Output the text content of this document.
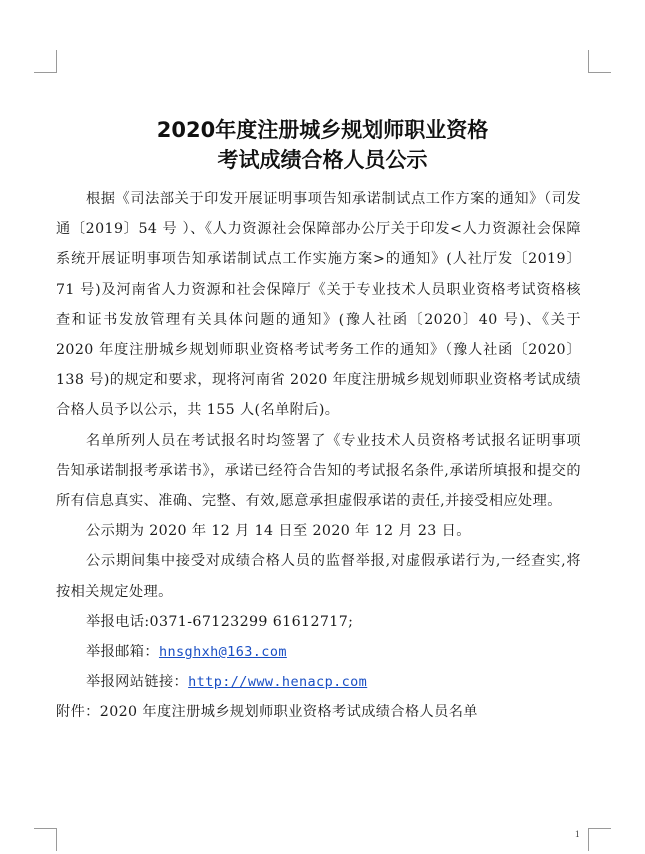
2020年度注册城乡规划师职业资格
考试成绩合格人员公示

根据《司法部关于印发开展证明事项告知承诺制试点工作方案的通知》（司发通〔2019〕54 号 ）、《人力资源社会保障部办公厅关于印发<人力资源社会保障系统开展证明事项告知承诺制试点工作实施方案>的通知》(人社厅发〔2019〕71 号)及河南省人力资源和社会保障厅《关于专业技术人员职业资格考试资格核查和证书发放管理有关具体问题的通知》(豫人社函〔2020〕40 号)、《关于 2020 年度注册城乡规划师职业资格考试考务工作的通知》（豫人社函〔2020〕138 号)的规定和要求，现将河南省 2020 年度注册城乡规划师职业资格考试成绩合格人员予以公示，共 155 人(名单附后)。

名单所列人员在考试报名时均签署了《专业技术人员资格考试报名证明事项告知承诺制报考承诺书》，承诺已经符合告知的考试报名条件,承诺所填报和提交的所有信息真实、准确、完整、有效,愿意承担虚假承诺的责任,并接受相应处理。

公示期为 2020 年 12 月 14 日至 2020 年 12 月 23 日。

公示期间集中接受对成绩合格人员的监督举报,对虚假承诺行为,一经查实,将按相关规定处理。

举报电话:0371-67123299 61612717;

举报邮箱：hnsghxh@163.com

举报网站链接：http://www.henacp.com

附件：2020 年度注册城乡规划师职业资格考试成绩合格人员名单

1
